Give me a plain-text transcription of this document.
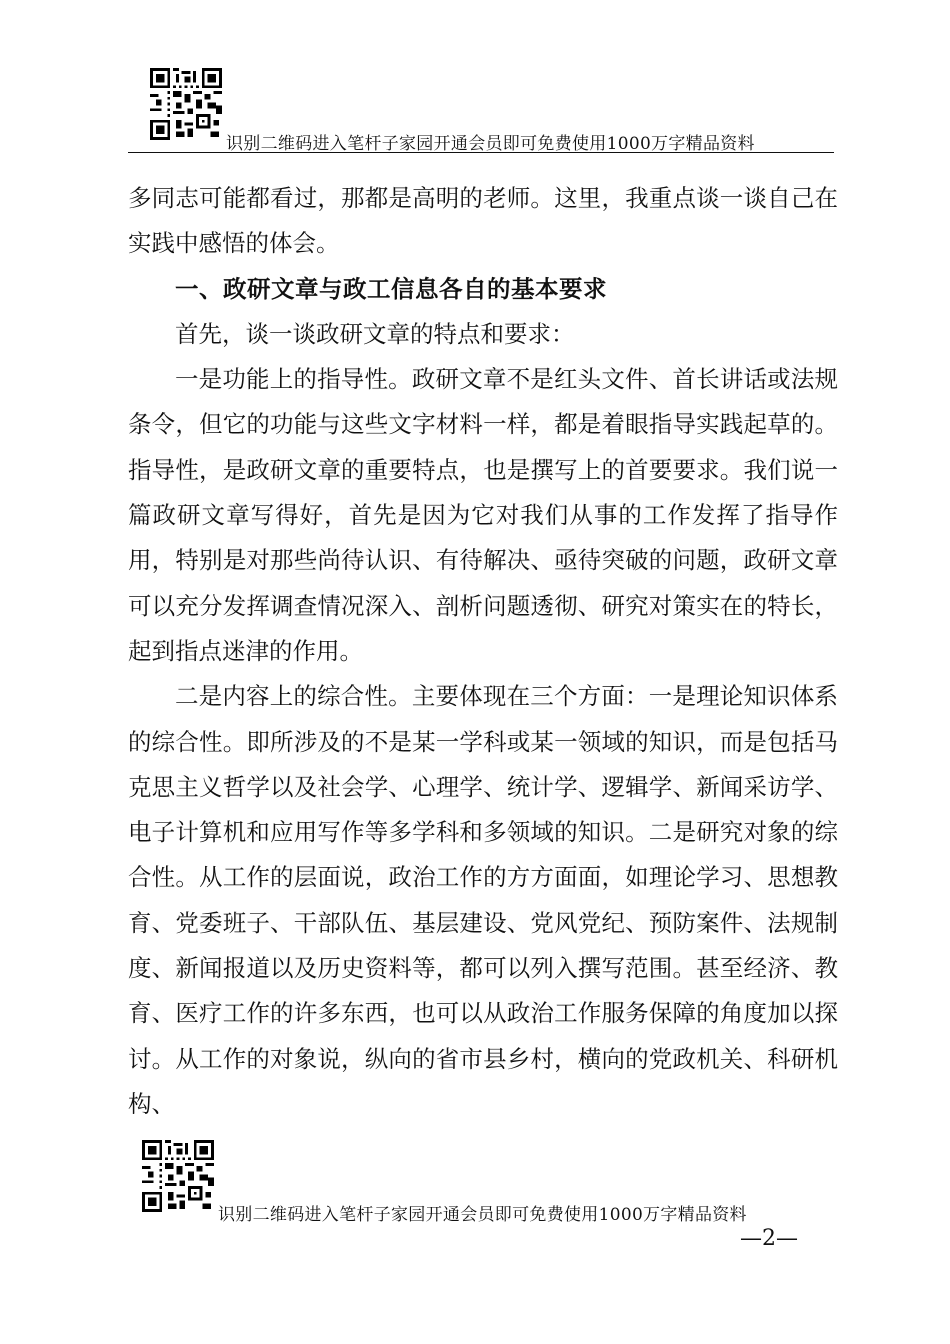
识别二维码进入笔杆子家园开通会员即可免费使用1000万字精品资料

多同志可能都看过，那都是高明的老师。这里，我重点谈一谈自己在实践中感悟的体会。

一、政研文章与政工信息各自的基本要求

首先，谈一谈政研文章的特点和要求：

一是功能上的指导性。政研文章不是红头文件、首长讲话或法规条令，但它的功能与这些文字材料一样，都是着眼指导实践起草的。指导性，是政研文章的重要特点，也是撰写上的首要要求。我们说一篇政研文章写得好，首先是因为它对我们从事的工作发挥了指导作用，特别是对那些尚待认识、有待解决、亟待突破的问题，政研文章可以充分发挥调查情况深入、剖析问题透彻、研究对策实在的特长，起到指点迷津的作用。

二是内容上的综合性。主要体现在三个方面：一是理论知识体系的综合性。即所涉及的不是某一学科或某一领域的知识，而是包括马克思主义哲学以及社会学、心理学、统计学、逻辑学、新闻采访学、电子计算机和应用写作等多学科和多领域的知识。二是研究对象的综合性。从工作的层面说，政治工作的方方面面，如理论学习、思想教育、党委班子、干部队伍、基层建设、党风党纪、预防案件、法规制度、新闻报道以及历史资料等，都可以列入撰写范围。甚至经济、教育、医疗工作的许多东西，也可以从政治工作服务保障的角度加以探讨。从工作的对象说，纵向的省市县乡村，横向的党政机关、科研机构、

识别二维码进入笔杆子家园开通会员即可免费使用1000万字精品资料
—2—
